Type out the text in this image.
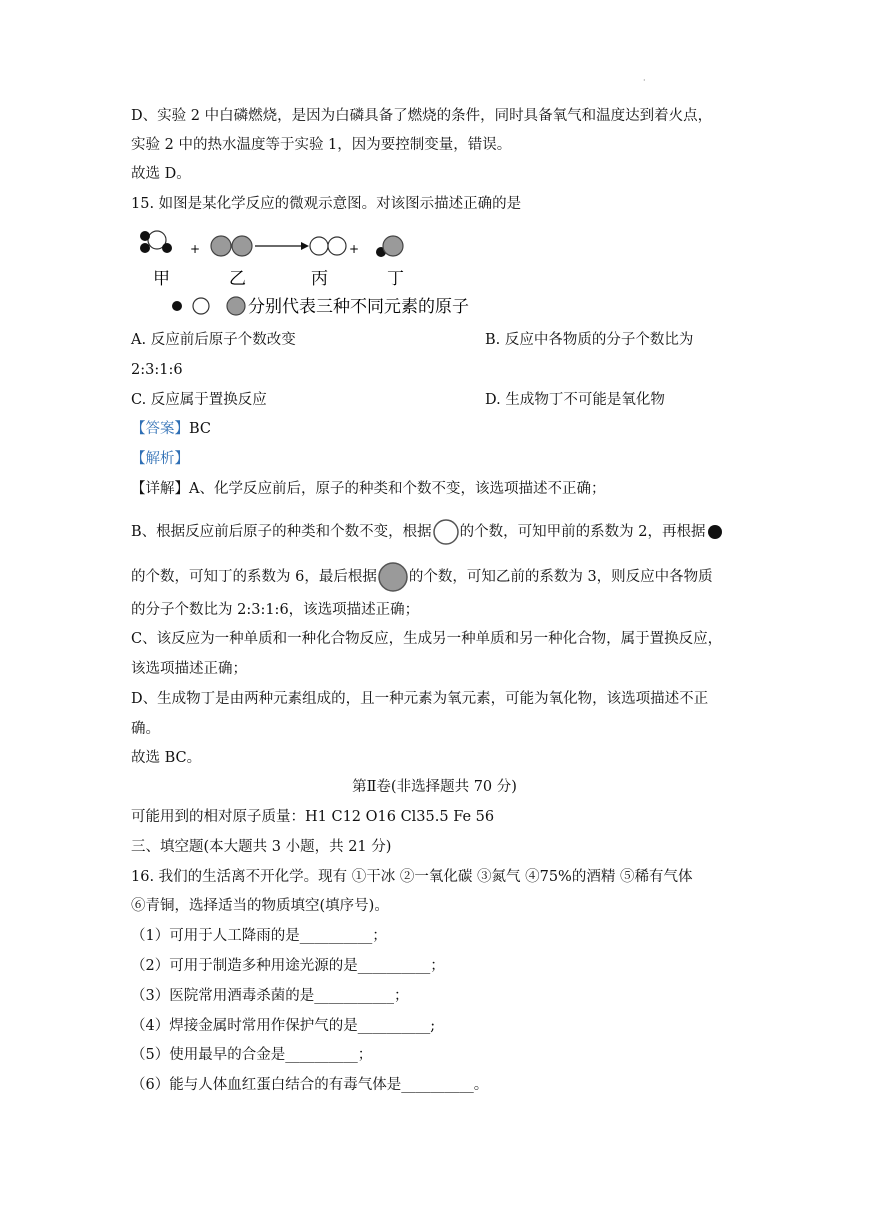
·
D、实验 2 中白磷燃烧，是因为白磷具备了燃烧的条件，同时具备氧气和温度达到着火点，
实验 2 中的热水温度等于实验 1，因为要控制变量，错误。
故选 D。
15. 如图是某化学反应的微观示意图。对该图示描述正确的是
+	+
甲	乙	丙	丁
分别代表三种不同元素的原子
A. 反应前后原子个数改变	B. 反应中各物质的分子个数比为
2:3:1:6
C. 反应属于置换反应	D. 生成物丁不可能是氧化物
【答案】BC
【解析】
【详解】A、化学反应前后，原子的种类和个数不变，该选项描述不正确；
B、根据反应前后原子的种类和个数不变，根据 的个数，可知甲前的系数为 2，再根据
的个数，可知丁的系数为 6，最后根据 的个数，可知乙前的系数为 3，则反应中各物质
的分子个数比为 2:3:1:6，该选项描述正确；
C、该反应为一种单质和一种化合物反应，生成另一种单质和另一种化合物，属于置换反应，
该选项描述正确；
D、生成物丁是由两种元素组成的，且一种元素为氧元素，可能为氧化物，该选项描述不正
确。
故选 BC。
第Ⅱ卷(非选择题共 70 分)
可能用到的相对原子质量：H1 C12 O16 Cl35.5 Fe 56
三、填空题(本大题共 3 小题，共 21 分)
16. 我们的生活离不开化学。现有 ①干冰 ②一氧化碳 ③氮气 ④75%的酒精 ⑤稀有气体
⑥青铜，选择适当的物质填空(填序号)。
（1）可用于人工降雨的是__________；
（2）可用于制造多种用途光源的是__________；
（3）医院常用酒毒杀菌的是___________；
（4）焊接金属时常用作保护气的是__________;
（5）使用最早的合金是__________；
（6）能与人体血红蛋白结合的有毒气体是__________。
